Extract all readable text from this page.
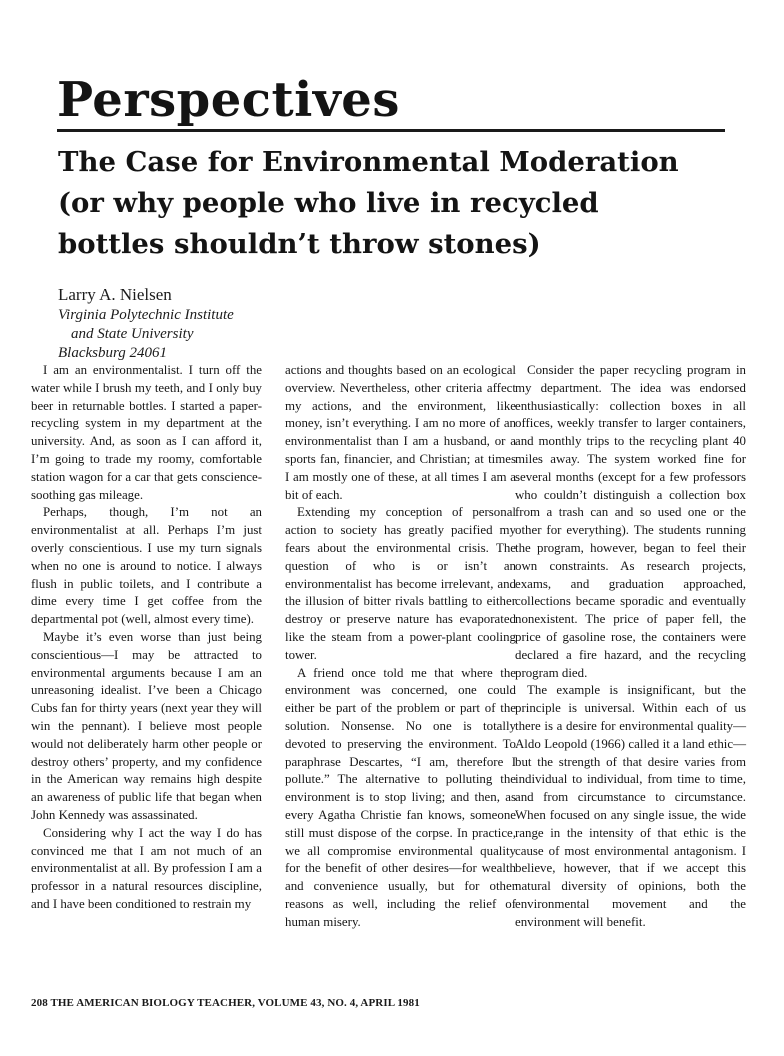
Perspectives
The Case for Environmental Moderation
(or why people who live in recycled
bottles shouldn’t throw stones)
Larry A. Nielsen
Virginia Polytechnic Institute
and State University
Blacksburg 24061

I am an environmentalist. I turn off the water while I brush my teeth, and I only buy beer in returnable bottles. I started a paper-recycling system in my department at the university. And, as soon as I can afford it, I’m going to trade my roomy, comfortable station wagon for a car that gets conscience-soothing gas mileage.

Perhaps, though, I’m not an environmentalist at all. Perhaps I’m just overly conscientious. I use my turn signals when no one is around to notice. I always flush in public toilets, and I contribute a dime every time I get coffee from the departmental pot (well, almost every time).

Maybe it’s even worse than just being conscientious—I may be attracted to environmental arguments because I am an unreasoning idealist. I’ve been a Chicago Cubs fan for thirty years (next year they will win the pennant). I believe most people would not deliberately harm other people or destroy others’ property, and my confidence in the American way remains high despite an awareness of public life that began when John Kennedy was assassinated.

Considering why I act the way I do has convinced me that I am not much of an environmentalist at all. By profession I am a professor in a natural resources discipline, and I have been conditioned to restrain my

actions and thoughts based on an ecological overview. Nevertheless, other criteria affect my actions, and the environment, like money, isn’t everything. I am no more of an environmentalist than I am a husband, or a sports fan, financier, and Christian; at times I am mostly one of these, at all times I am a bit of each.

Extending my conception of personal action to society has greatly pacified my fears about the environmental crisis. The question of who is or isn’t an environmentalist has become irrelevant, and the illusion of bitter rivals battling to either destroy or preserve nature has evaporated like the steam from a power-plant cooling tower.

A friend once told me that where the environment was concerned, one could either be part of the problem or part of the solution. Nonsense. No one is totally devoted to preserving the environment. To paraphrase Descartes, “I am, therefore I pollute.” The alternative to polluting the environment is to stop living; and then, as every Agatha Christie fan knows, someone still must dispose of the corpse. In practice, we all compromise environmental quality for the benefit of other desires—for wealth and convenience usually, but for other reasons as well, including the relief of human misery.

Consider the paper recycling program in my department. The idea was endorsed enthusiastically: collection boxes in all offices, weekly transfer to larger containers, and monthly trips to the recycling plant 40 miles away. The system worked fine for several months (except for a few professors who couldn’t distinguish a collection box from a trash can and so used one or the other for everything). The students running the program, however, began to feel their own constraints. As research projects, exams, and graduation approached, collections became sporadic and eventually nonexistent. The price of paper fell, the price of gasoline rose, the containers were declared a fire hazard, and the recycling program died.

The example is insignificant, but the principle is universal. Within each of us there is a desire for environmental quality—Aldo Leopold (1966) called it a land ethic—but the strength of that desire varies from individual to individual, from time to time, and from circumstance to circumstance. When focused on any single issue, the wide range in the intensity of that ethic is the cause of most environmental antagonism. I believe, however, that if we accept this natural diversity of opinions, both the environmental movement and the environment will benefit.

208 THE AMERICAN BIOLOGY TEACHER, VOLUME 43, NO. 4, APRIL 1981
